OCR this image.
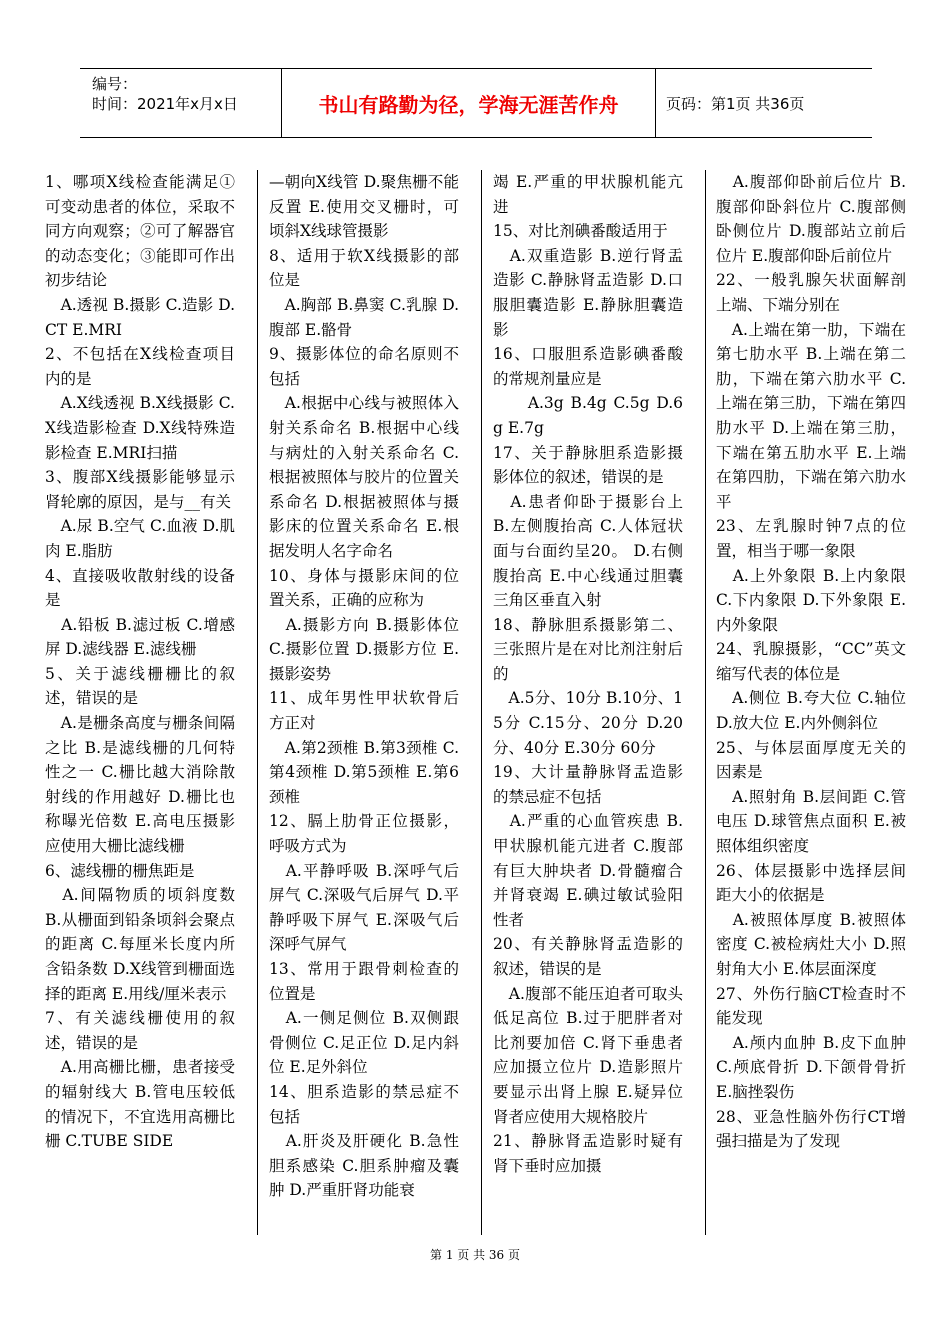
编号：
时间：2021年x月x日	书山有路勤为径，学海无涯苦作舟	页码：第1页 共36页

1、哪项X线检查能满足①可变动患者的体位，采取不同方向观察；②可了解器官的动态变化；③能即可作出初步结论

　A.透视 B.摄影 C.造影 D.CT E.MRI

2、不包括在X线检查项目内的是

　A.X线透视 B.X线摄影 C.X线造影检查 D.X线特殊造影检查 E.MRI扫描

3、腹部X线摄影能够显示肾轮廓的原因，是与__有关

　A.尿 B.空气 C.血液 D.肌肉 E.脂肪

4、直接吸收散射线的设备是

　A.铅板 B.滤过板 C.增感屏 D.滤线器 E.滤线栅

5、关于滤线栅栅比的叙述，错误的是

　A.是栅条高度与栅条间隔之比 B.是滤线栅的几何特性之一 C.栅比越大消除散射线的作用越好 D.栅比也称曝光倍数 E.高电压摄影应使用大栅比滤线栅

6、滤线栅的栅焦距是

　A.间隔物质的顷斜度数 B.从栅面到铅条顷斜会聚点的距离 C.每厘米长度内所含铅条数 D.X线管到栅面选择的距离 E.用线/厘米表示

7、有关滤线栅使用的叙述，错误的是

　A.用高栅比栅，患者接受的辐射线大 B.管电压较低的情况下，不宜选用高栅比栅 C.TUBE SIDE

—朝向X线管 D.聚焦栅不能反置 E.使用交叉栅时，可顷斜X线球管摄影

8、适用于软X线摄影的部位是

　A.胸部 B.鼻窦 C.乳腺 D.腹部 E.骼骨

9、摄影体位的命名原则不包括

　A.根据中心线与被照体入射关系命名 B.根据中心线与病灶的入射关系命名 C.根据被照体与胶片的位置关系命名 D.根据被照体与摄影床的位置关系命名 E.根据发明人名字命名

10、身体与摄影床间的位置关系，正确的应称为

　A.摄影方向 B.摄影体位 C.摄影位置 D.摄影方位 E.摄影姿势

11、成年男性甲状软骨后方正对

　A.第2颈椎 B.第3颈椎 C.第4颈椎 D.第5颈椎 E.第6颈椎

12、膈上肋骨正位摄影，呼吸方式为

　A.平静呼吸 B.深呼气后屏气 C.深吸气后屏气 D.平静呼吸下屏气 E.深吸气后深呼气屏气

13、常用于跟骨刺检查的位置是

　A.一侧足侧位 B.双侧跟骨侧位 C.足正位 D.足内斜位 E.足外斜位

14、胆系造影的禁忌症不包括

　A.肝炎及肝硬化 B.急性胆系感染 C.胆系肿瘤及囊肿 D.严重肝肾功能衰

竭 E.严重的甲状腺机能亢进

15、对比剂碘番酸适用于

　A.双重造影 B.逆行肾盂造影 C.静脉肾盂造影 D.口服胆囊造影 E.静脉胆囊造影

16、口服胆系造影碘番酸的常规剂量应是

　　A.3g B.4g C.5g D.6g E.7g

17、关于静脉胆系造影摄影体位的叙述，错误的是

　A.患者仰卧于摄影台上 B.左侧腹抬高 C.人体冠状面与台面约呈20。 D.右侧腹抬高 E.中心线通过胆囊三角区垂直入射

18、静脉胆系摄影第二、三张照片是在对比剂注射后的

　A.5分、10分 B.10分、15分 C.15分、20分 D.20分、40分 E.30分 60分

19、大计量静脉肾盂造影的禁忌症不包括

　A.严重的心血管疾患 B.甲状腺机能亢进者 C.腹部有巨大肿块者 D.骨髓瘤合并肾衰竭 E.碘过敏试验阳性者

20、有关静脉肾盂造影的叙述，错误的是

　A.腹部不能压迫者可取头低足高位 B.过于肥胖者对比剂要加倍 C.肾下垂患者应加摄立位片 D.造影照片要显示出肾上腺 E.疑异位肾者应使用大规格胶片

21、静脉肾盂造影时疑有肾下垂时应加摄

　A.腹部仰卧前后位片 B.腹部仰卧斜位片 C.腹部侧卧侧位片 D.腹部站立前后位片 E.腹部仰卧后前位片

22、一般乳腺矢状面解剖上端、下端分别在

　A.上端在第一肋，下端在第七肋水平 B.上端在第二肋，下端在第六肋水平 C.上端在第三肋，下端在第四肋水平 D.上端在第三肋，下端在第五肋水平 E.上端在第四肋，下端在第六肋水平

23、左乳腺时钟7点的位置，相当于哪一象限

　A.上外象限 B.上内象限 C.下内象限 D.下外象限 E.内外象限

24、乳腺摄影，“CC”英文缩写代表的体位是

　A.侧位 B.夸大位 C.轴位 D.放大位 E.内外侧斜位

25、与体层面厚度无关的因素是

　A.照射角 B.层间距 C.管电压 D.球管焦点面积 E.被照体组织密度

26、体层摄影中选择层间距大小的依据是

　A.被照体厚度 B.被照体密度 C.被检病灶大小 D.照射角大小 E.体层面深度

27、外伤行脑CT检查时不能发现

　A.颅内血肿 B.皮下血肿 C.颅底骨折 D.下颌骨骨折 E.脑挫裂伤

28、亚急性脑外伤行CT增强扫描是为了发现

第 1 页 共 36 页
